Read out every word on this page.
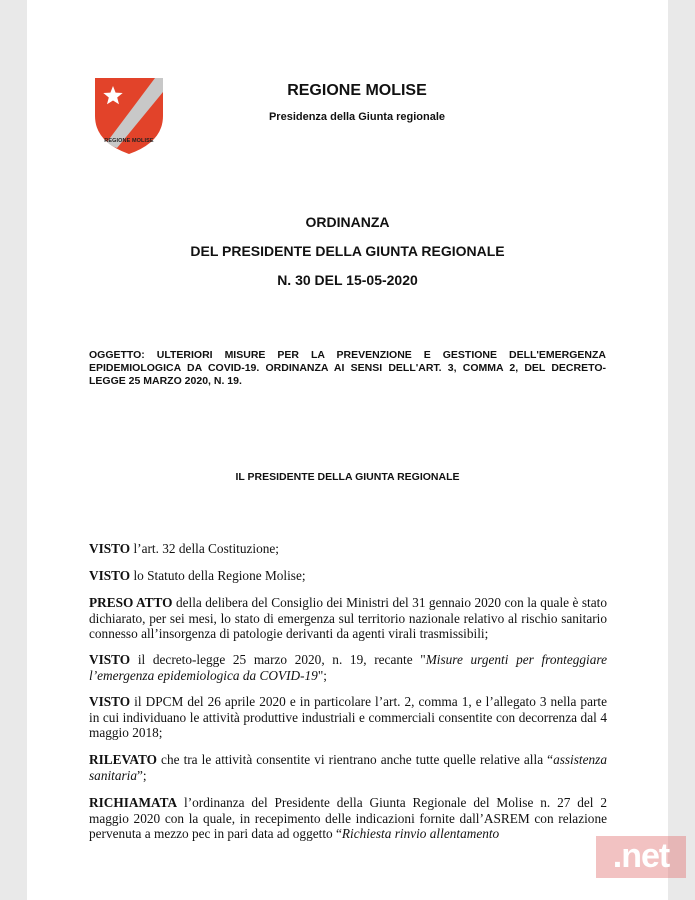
REGIONE MOLISE
REGIONE MOLISE
Presidenza della Giunta regionale
ORDINANZA
DEL PRESIDENTE DELLA GIUNTA REGIONALE
N. 30 DEL 15-05-2020
OGGETTO: ULTERIORI MISURE PER LA PREVENZIONE E GESTIONE DELL'EMERGENZA EPIDEMIOLOGICA DA COVID-19. ORDINANZA AI SENSI DELL'ART. 3, COMMA 2, DEL DECRETO-LEGGE 25 MARZO 2020, N. 19.
IL PRESIDENTE DELLA GIUNTA REGIONALE
VISTO l’art. 32 della Costituzione;
VISTO lo Statuto della Regione Molise;
PRESO ATTO della delibera del Consiglio dei Ministri del 31 gennaio 2020 con la quale è stato dichiarato, per sei mesi, lo stato di emergenza sul territorio nazionale relativo al rischio sanitario connesso all’insorgenza di patologie derivanti da agenti virali trasmissibili;
VISTO il decreto-legge 25 marzo 2020, n. 19, recante "Misure urgenti per fronteggiare l’emergenza epidemiologica da COVID-19";
VISTO il DPCM del 26 aprile 2020 e in particolare l’art. 2, comma 1, e l’allegato 3 nella parte in cui individuano le attività produttive industriali e commerciali consentite con decorrenza dal 4 maggio 2018;
RILEVATO che tra le attività consentite vi rientrano anche tutte quelle relative alla “assistenza sanitaria”;
RICHIAMATA l’ordinanza del Presidente della Giunta Regionale del Molise n. 27 del 2 maggio 2020 con la quale, in recepimento delle indicazioni fornite dall’ASREM con relazione pervenuta a mezzo pec in pari data ad oggetto “Richiesta rinvio allentamento
.net
